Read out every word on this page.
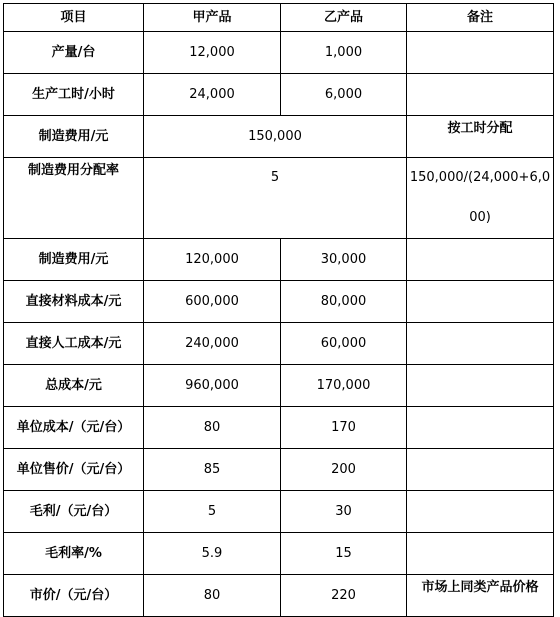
项目	甲产品	乙产品	备注
产量/台	12,000	1,000	
生产工时/小时	24,000	6,000	
制造费用/元	150,000		按工时分配
制造费用分配率	5		150,000/(24,000+6,000)
制造费用/元	120,000	30,000	
直接材料成本/元	600,000	80,000	
直接人工成本/元	240,000	60,000	
总成本/元	960,000	170,000	
单位成本/（元/台）	80	170	
单位售价/（元/台）	85	200	
毛利/（元/台）	5	30	
毛利率/%	5.9	15	
市价/（元/台）	80	220	市场上同类产品价格
